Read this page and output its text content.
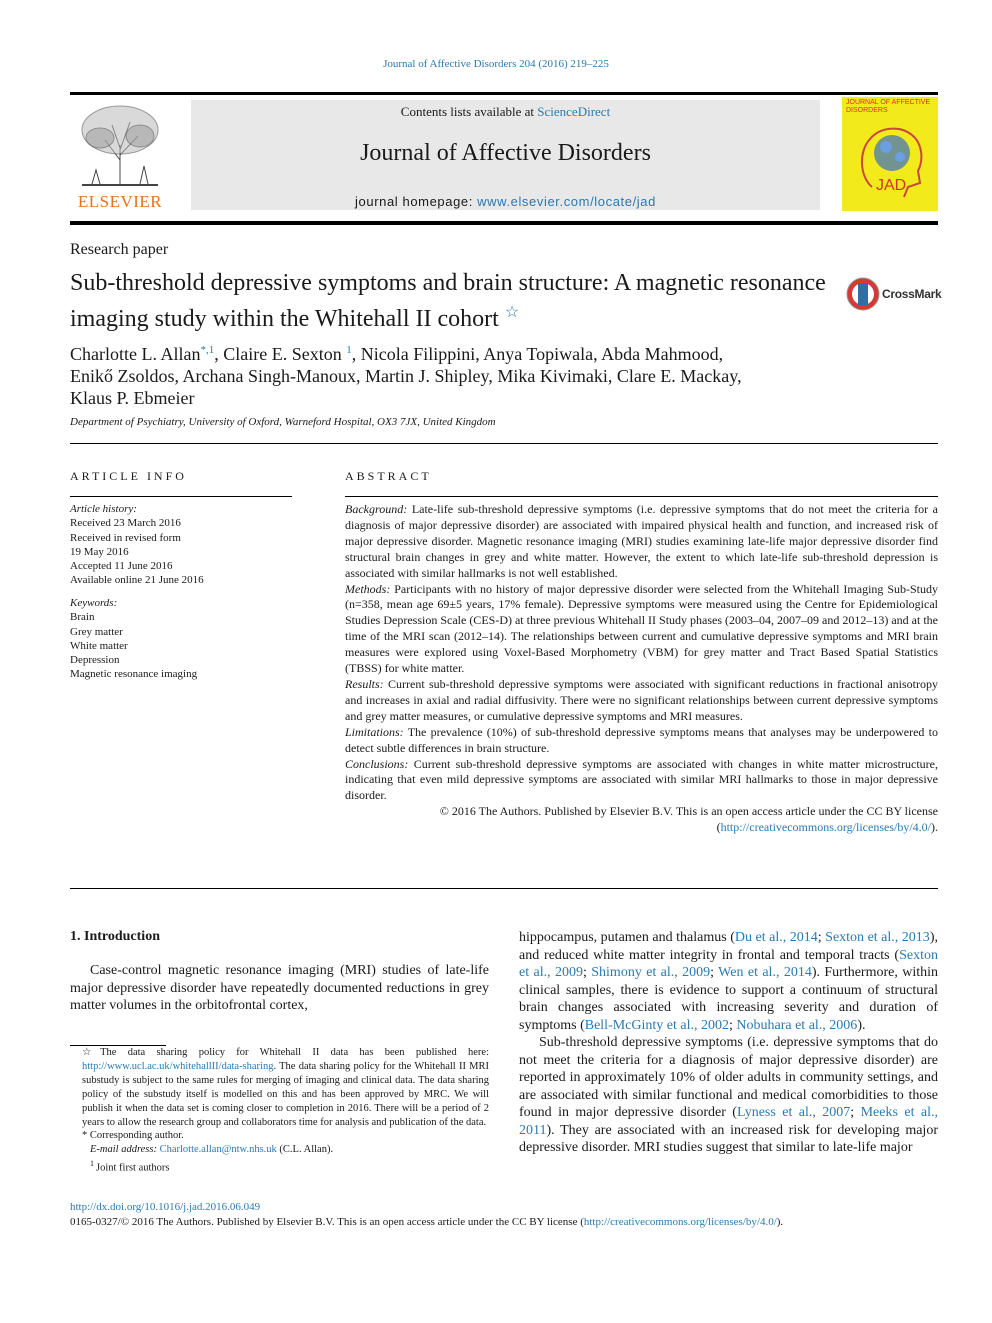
Journal of Affective Disorders 204 (2016) 219–225
ELSEVIER
Contents lists available at ScienceDirect
Journal of Affective Disorders
journal homepage: www.elsevier.com/locate/jad
JOURNAL OF AFFECTIVE DISORDERS
JAD
Research paper
Sub-threshold depressive symptoms and brain structure: A magnetic resonance imaging study within the Whitehall II cohort ☆
CrossMark
Charlotte L. Allan$^{*,1}$, Claire E. Sexton $^1$, Nicola Filippini, Anya Topiwala, Abda Mahmood,
Enikő Zsoldos, Archana Singh-Manoux, Martin J. Shipley, Mika Kivimaki, Clare E. Mackay,
Klaus P. Ebmeier
Department of Psychiatry, University of Oxford, Warneford Hospital, OX3 7JX, United Kingdom
ARTICLE INFO
Article history:
Received 23 March 2016
Received in revised form
19 May 2016
Accepted 11 June 2016
Available online 21 June 2016
Keywords:
Brain
Grey matter
White matter
Depression
Magnetic resonance imaging
ABSTRACT

Background: Late-life sub-threshold depressive symptoms (i.e. depressive symptoms that do not meet the criteria for a diagnosis of major depressive disorder) are associated with impaired physical health and function, and increased risk of major depressive disorder. Magnetic resonance imaging (MRI) studies examining late-life major depressive disorder find structural brain changes in grey and white matter. However, the extent to which late-life sub-threshold depression is associated with similar hallmarks is not well established.

Methods: Participants with no history of major depressive disorder were selected from the Whitehall Imaging Sub-Study (n=358, mean age 69±5 years, 17% female). Depressive symptoms were measured using the Centre for Epidemiological Studies Depression Scale (CES-D) at three previous Whitehall II Study phases (2003–04, 2007–09 and 2012–13) and at the time of the MRI scan (2012–14). The relationships between current and cumulative depressive symptoms and MRI brain measures were explored using Voxel-Based Morphometry (VBM) for grey matter and Tract Based Spatial Statistics (TBSS) for white matter.

Results: Current sub-threshold depressive symptoms were associated with significant reductions in fractional anisotropy and increases in axial and radial diffusivity. There were no significant relationships between current depressive symptoms and grey matter measures, or cumulative depressive symptoms and MRI measures.

Limitations: The prevalence (10%) of sub-threshold depressive symptoms means that analyses may be underpowered to detect subtle differences in brain structure.

Conclusions: Current sub-threshold depressive symptoms are associated with changes in white matter microstructure, indicating that even mild depressive symptoms are associated with similar MRI hallmarks to those in major depressive disorder.

© 2016 The Authors. Published by Elsevier B.V. This is an open access article under the CC BY license
(http://creativecommons.org/licenses/by/4.0/).

1. Introduction
Case-control magnetic resonance imaging (MRI) studies of late-life major depressive disorder have repeatedly documented reductions in grey matter volumes in the orbitofrontal cortex,

☆The data sharing policy for Whitehall II data has been published here: http://www.ucl.ac.uk/whitehallII/data-sharing. The data sharing policy for the Whitehall II MRI substudy is subject to the same rules for merging of imaging and clinical data. The data sharing policy of the substudy itself is modelled on this and has been approved by MRC. We will publish it when the data set is coming closer to completion in 2016. There will be a period of 2 years to allow the research group and collaborators time for analysis and publication of the data.

* Corresponding author.

E-mail address: Charlotte.allan@ntw.nhs.uk (C.L. Allan).

$^1$ Joint first authors

hippocampus, putamen and thalamus (Du et al., 2014; Sexton et al., 2013), and reduced white matter integrity in frontal and temporal tracts (Sexton et al., 2009; Shimony et al., 2009; Wen et al., 2014). Furthermore, within clinical samples, there is evidence to support a continuum of structural brain changes associated with increasing severity and duration of symptoms (Bell-McGinty et al., 2002; Nobuhara et al., 2006).

Sub-threshold depressive symptoms (i.e. depressive symptoms that do not meet the criteria for a diagnosis of major depressive disorder) are reported in approximately 10% of older adults in community settings, and are associated with similar functional and medical comorbidities to those found in major depressive disorder (Lyness et al., 2007; Meeks et al., 2011). They are associated with an increased risk for developing major depressive disorder. MRI studies suggest that similar to late-life major

http://dx.doi.org/10.1016/j.jad.2016.06.049
0165-0327/© 2016 The Authors. Published by Elsevier B.V. This is an open access article under the CC BY license (http://creativecommons.org/licenses/by/4.0/).
